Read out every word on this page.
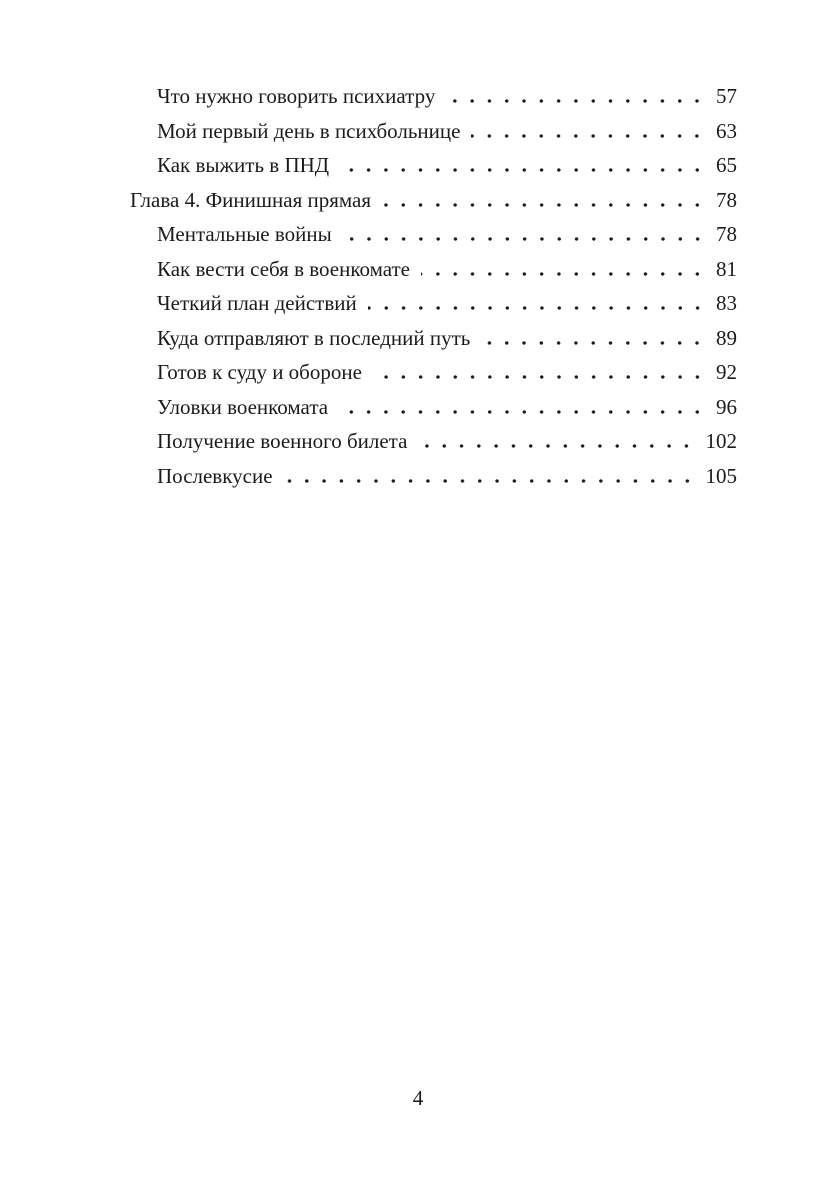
Что нужно говорить психиатру	57
Мой первый день в психбольнице	63
Как выжить в ПНД	65
Глава 4. Финишная прямая	78
Ментальные войны	78
Как вести себя в военкомате	81
Четкий план действий	83
Куда отправляют в последний путь	89
Готов к суду и обороне	92
Уловки военкомата	96
Получение военного билета	102
Послевкусие	105
4
